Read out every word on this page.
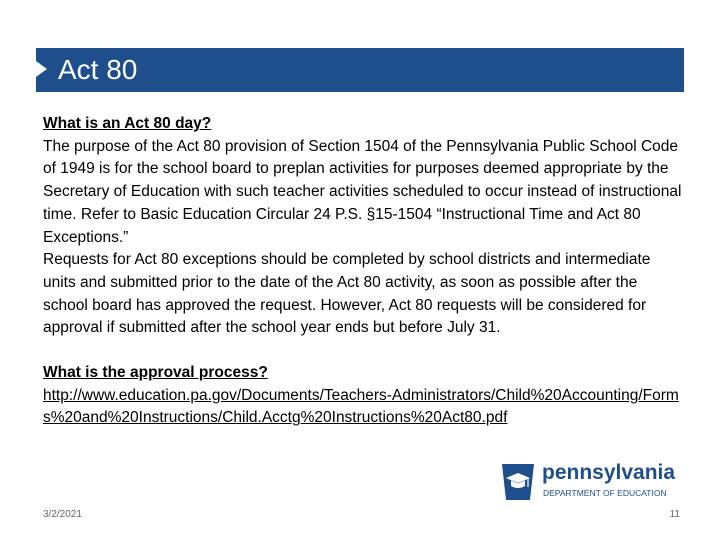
Act 80

What is an Act 80 day?

The purpose of the Act 80 provision of Section 1504 of the Pennsylvania Public School Code of 1949 is for the school board to preplan activities for purposes deemed appropriate by the Secretary of Education with such teacher activities scheduled to occur instead of instructional time. Refer to Basic Education Circular 24 P.S. §15-1504 “Instructional Time and Act 80 Exceptions.”

Requests for Act 80 exceptions should be completed by school districts and intermediate units and submitted prior to the date of the Act 80 activity, as soon as possible after the school board has approved the request. However, Act 80 requests will be considered for approval if submitted after the school year ends but before July 31.

What is the approval process?

http://www.education.pa.gov/Documents/Teachers-Administrators/Child%20Accounting/Forms%20and%20Instructions/Child.Acctg%20Instructions%20Act80.pdf
pennsylvania
DEPARTMENT OF EDUCATION
3/2/2021	11
